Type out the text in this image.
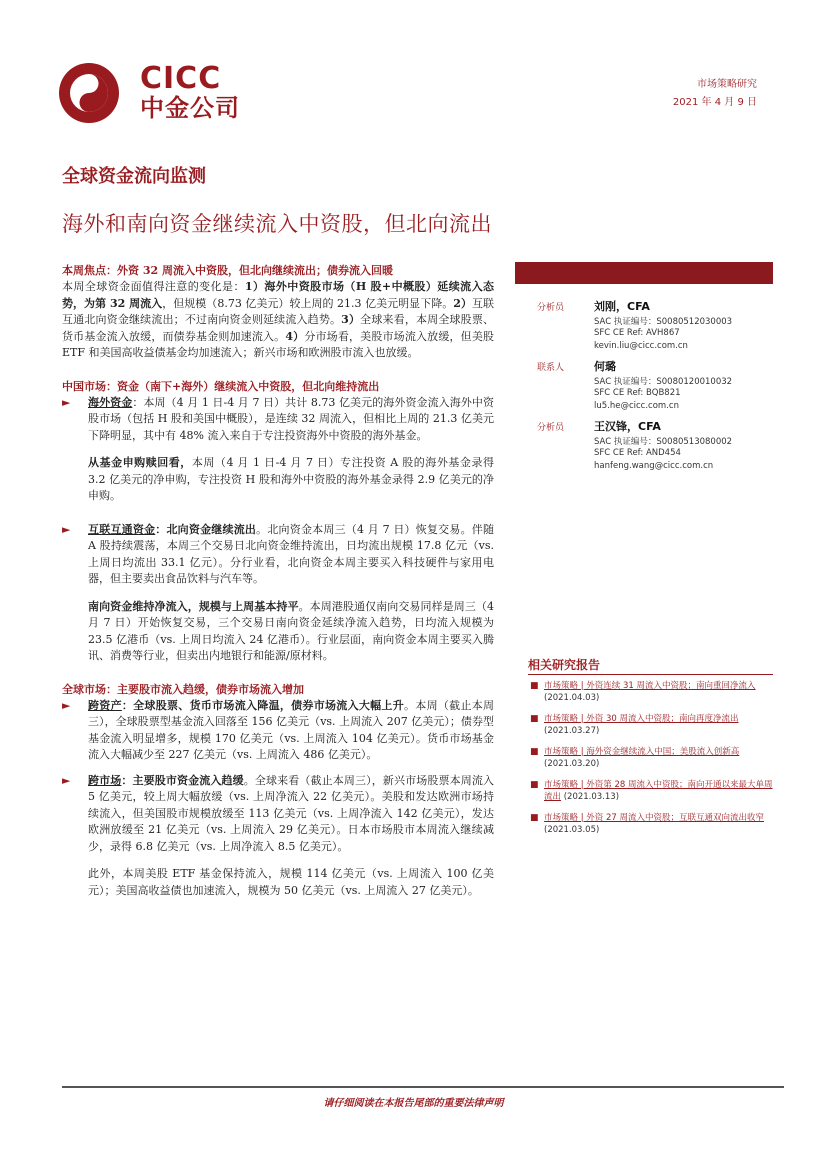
CICC
中金公司
市场策略研究
2021 年 4 月 9 日
全球资金流向监测
海外和南向资金继续流入中资股，但北向流出
本周焦点：外资 32 周流入中资股，但北向继续流出；债券流入回暖
本周全球资金面值得注意的变化是：1）海外中资股市场（H 股+中概股）延续流入态势，为第 32 周流入，但规模（8.73 亿美元）较上周的 21.3 亿美元明显下降。2）互联互通北向资金继续流出；不过南向资金则延续流入趋势。3）全球来看，本周全球股票、货币基金流入放缓，而债券基金则加速流入。4）分市场看，美股市场流入放缓，但美股 ETF 和美国高收益债基金均加速流入；新兴市场和欧洲股市流入也放缓。
中国市场：资金（南下+海外）继续流入中资股，但北向维持流出
► 海外资金：本周（4 月 1 日-4 月 7 日）共计 8.73 亿美元的海外资金流入海外中资股市场（包括 H 股和美国中概股），是连续 32 周流入，但相比上周的 21.3 亿美元下降明显，其中有 48% 流入来自于专注投资海外中资股的海外基金。
从基金申购赎回看，本周（4 月 1 日-4 月 7 日）专注投资 A 股的海外基金录得 3.2 亿美元的净申购，专注投资 H 股和海外中资股的海外基金录得 2.9 亿美元的净申购。
► 互联互通资金：北向资金继续流出。北向资金本周三（4 月 7 日）恢复交易。伴随 A 股持续震荡，本周三个交易日北向资金维持流出，日均流出规模 17.8 亿元（vs. 上周日均流出 33.1 亿元）。分行业看，北向资金本周主要买入科技硬件与家用电器，但主要卖出食品饮料与汽车等。
南向资金维持净流入，规模与上周基本持平。本周港股通仅南向交易同样是周三（4 月 7 日）开始恢复交易，三个交易日南向资金延续净流入趋势，日均流入规模为 23.5 亿港币（vs. 上周日均流入 24 亿港币）。行业层面，南向资金本周主要买入腾讯、消费等行业，但卖出内地银行和能源/原材料。
全球市场：主要股市流入趋缓，债券市场流入增加
► 跨资产：全球股票、货币市场流入降温，债券市场流入大幅上升。本周（截止本周三），全球股票型基金流入回落至 156 亿美元（vs. 上周流入 207 亿美元）；债券型基金流入明显增多，规模 170 亿美元（vs. 上周流入 104 亿美元）。货币市场基金流入大幅减少至 227 亿美元（vs. 上周流入 486 亿美元）。
► 跨市场：主要股市资金流入趋缓。全球来看（截止本周三），新兴市场股票本周流入 5 亿美元，较上周大幅放缓（vs. 上周净流入 22 亿美元）。美股和发达欧洲市场持续流入，但美国股市规模放缓至 113 亿美元（vs. 上周净流入 142 亿美元），发达欧洲放缓至 21 亿美元（vs. 上周流入 29 亿美元）。日本市场股市本周流入继续减少，录得 6.8 亿美元（vs. 上周净流入 8.5 亿美元）。
此外，本周美股 ETF 基金保持流入，规模 114 亿美元（vs. 上周流入 100 亿美元）；美国高收益债也加速流入，规模为 50 亿美元（vs. 上周流入 27 亿美元）。
分析员	刘刚，CFA
SAC 执证编号：S0080512030003
SFC CE Ref: AVH867
kevin.liu@cicc.com.cn
联系人	何璐
SAC 执证编号：S0080120010032
SFC CE Ref: BQB821
lu5.he@cicc.com.cn
分析员	王汉锋，CFA
SAC 执证编号：S0080513080002
SFC CE Ref: AND454
hanfeng.wang@cicc.com.cn
相关研究报告
■ 市场策略 | 外资连续 31 周流入中资股；南向重回净流入 (2021.04.03)
■ 市场策略 | 外资 30 周流入中资股；南向再度净流出 (2021.03.27)
■ 市场策略 | 海外资金继续流入中国；美股流入创新高 (2021.03.20)
■ 市场策略 | 外资第 28 周流入中资股；南向开通以来最大单周流出 (2021.03.13)
■ 市场策略 | 外资 27 周流入中资股；互联互通双向流出收窄 (2021.03.05)
请仔细阅读在本报告尾部的重要法律声明
